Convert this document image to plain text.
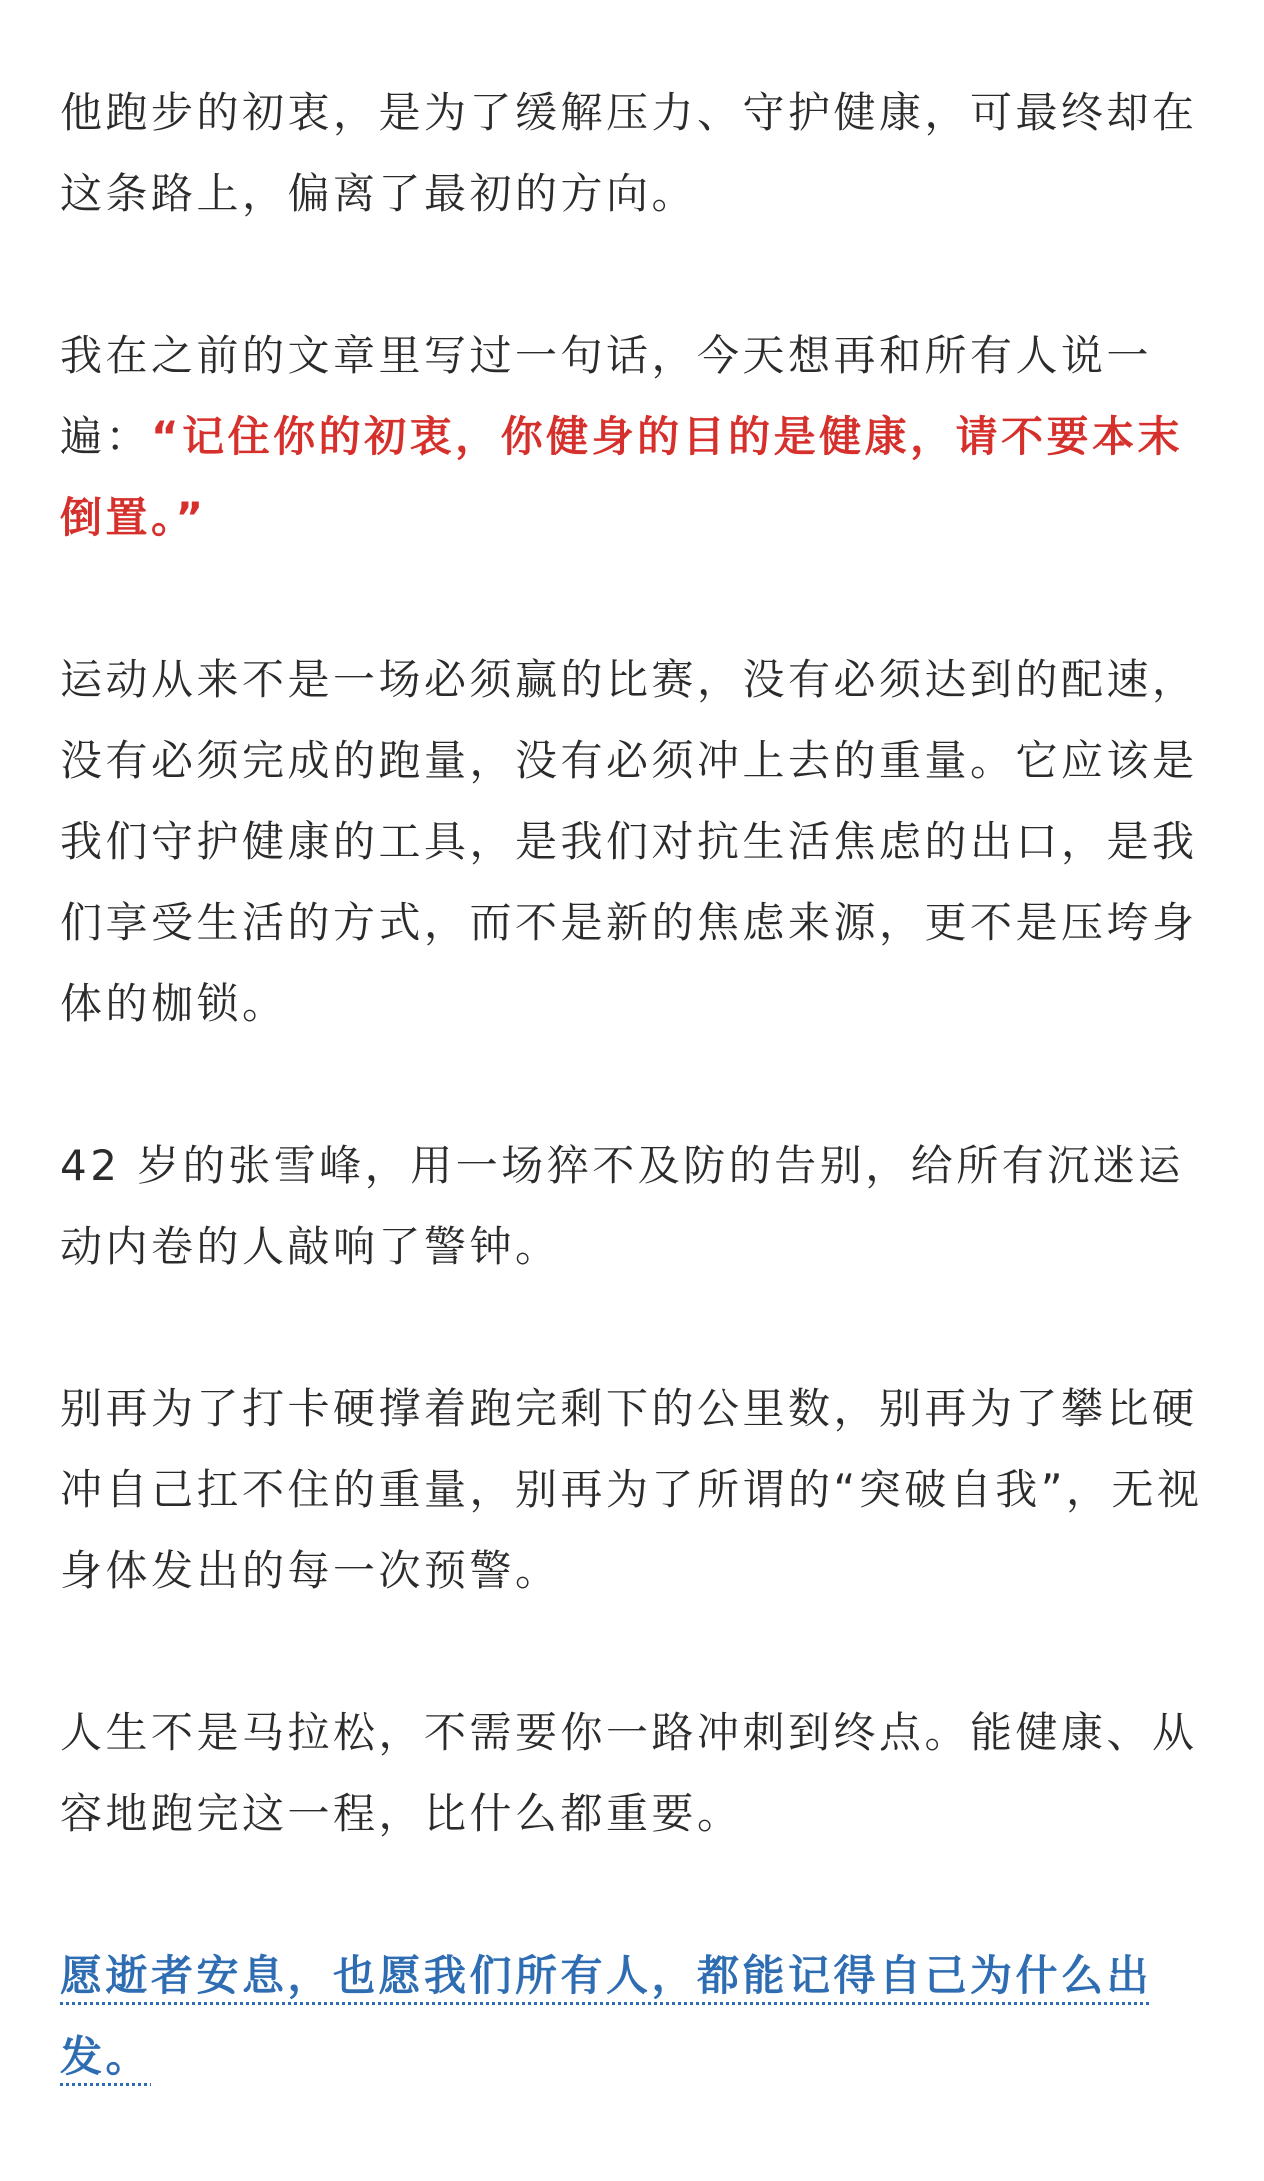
他跑步的初衷，是为了缓解压力、守护健康，可最终却在这条路上，偏离了最初的方向。

我在之前的文章里写过一句话，今天想再和所有人说一遍：“记住你的初衷，你健身的目的是健康，请不要本末倒置。”

运动从来不是一场必须赢的比赛，没有必须达到的配速，没有必须完成的跑量，没有必须冲上去的重量。它应该是我们守护健康的工具，是我们对抗生活焦虑的出口，是我们享受生活的方式，而不是新的焦虑来源，更不是压垮身体的枷锁。

42 岁的张雪峰，用一场猝不及防的告别，给所有沉迷运动内卷的人敲响了警钟。

别再为了打卡硬撑着跑完剩下的公里数，别再为了攀比硬冲自己扛不住的重量，别再为了所谓的“突破自我”，无视身体发出的每一次预警。

人生不是马拉松，不需要你一路冲刺到终点。能健康、从容地跑完这一程，比什么都重要。

愿逝者安息，也愿我们所有人，都能记得自己为什么出发。
